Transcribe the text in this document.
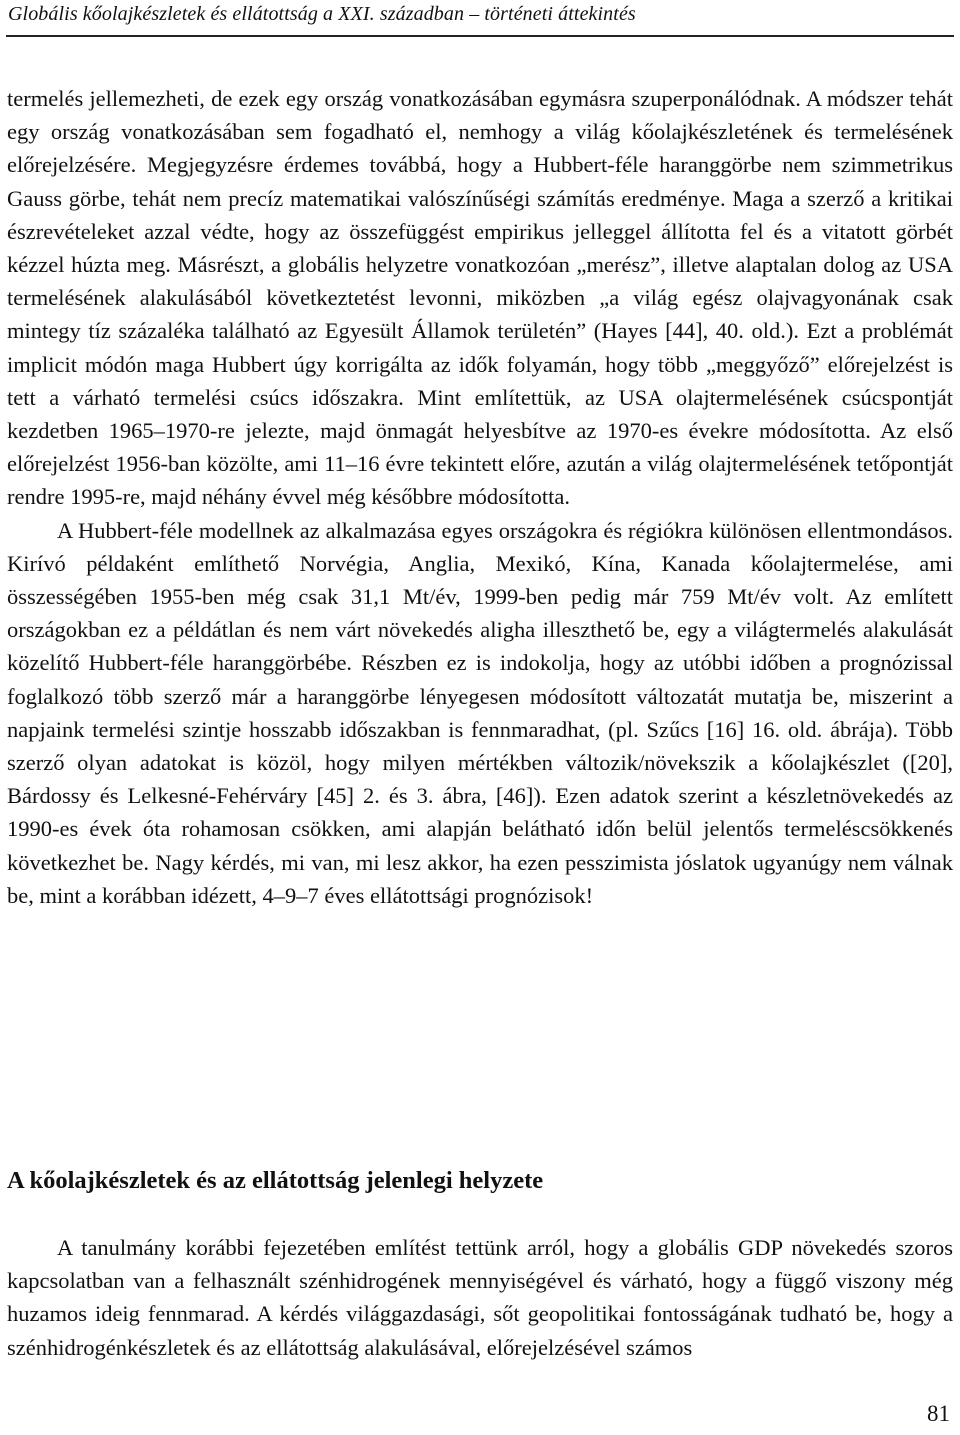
Globális kőolajkészletek és ellátottság a XXI. században – történeti áttekintés

termelés jellemezheti, de ezek egy ország vonatkozásában egymásra szuperponálódnak. A módszer tehát egy ország vonatkozásában sem fogadható el, nemhogy a világ kőolajkészletének és termelésének előrejelzésére. Megjegyzésre érdemes továbbá, hogy a Hubbert-féle haranggörbe nem szimmetrikus Gauss görbe, tehát nem precíz matematikai valószínűségi számítás eredménye. Maga a szerző a kritikai észrevételeket azzal védte, hogy az összefüggést empirikus jelleggel állította fel és a vitatott görbét kézzel húzta meg. Másrészt, a globális helyzetre vonatkozóan „merész”, illetve alaptalan dolog az USA termelésének alakulásából következtetést levonni, miközben „a világ egész olajvagyonának csak mintegy tíz százaléka található az Egyesült Államok területén” (Hayes [44], 40. old.). Ezt a problémát implicit módón maga Hubbert úgy korrigálta az idők folyamán, hogy több „meggyőző” előrejelzést is tett a várható termelési csúcs időszakra. Mint említettük, az USA olajtermelésének csúcspontját kezdetben 1965–1970-re jelezte, majd önmagát helyesbítve az 1970-es évekre módosította. Az első előrejelzést 1956-ban közölte, ami 11–16 évre tekintett előre, azután a világ olajtermelésének tetőpontját rendre 1995-re, majd néhány évvel még későbbre módosította.

A Hubbert-féle modellnek az alkalmazása egyes országokra és régiókra különösen ellentmondásos. Kirívó példaként említhető Norvégia, Anglia, Mexikó, Kína, Kanada kőolajtermelése, ami összességében 1955-ben még csak 31,1 Mt/év, 1999-ben pedig már 759 Mt/év volt. Az említett országokban ez a példátlan és nem várt növekedés aligha illeszthető be, egy a világtermelés alakulását közelítő Hubbert-féle haranggörbébe. Részben ez is indokolja, hogy az utóbbi időben a prognózissal foglalkozó több szerző már a haranggörbe lényegesen módosított változatát mutatja be, miszerint a napjaink termelési szintje hosszabb időszakban is fennmaradhat, (pl. Szűcs [16] 16. old. ábrája). Több szerző olyan adatokat is közöl, hogy milyen mértékben változik/növekszik a kőolajkészlet ([20], Bárdossy és Lelkesné-Fehérváry [45] 2. és 3. ábra, [46]). Ezen adatok szerint a készletnövekedés az 1990-es évek óta rohamosan csökken, ami alapján belátható időn belül jelentős termeléscsökkenés következhet be. Nagy kérdés, mi van, mi lesz akkor, ha ezen pesszimista jóslatok ugyanúgy nem válnak be, mint a korábban idézett, 4–9–7 éves ellátottsági prognózisok!

A kőolajkészletek és az ellátottság jelenlegi helyzete

A tanulmány korábbi fejezetében említést tettünk arról, hogy a globális GDP növekedés szoros kapcsolatban van a felhasznált szénhidrogének mennyiségével és várható, hogy a függő viszony még huzamos ideig fennmarad. A kérdés világgazdasági, sőt geopolitikai fontosságának tudható be, hogy a szénhidrogénkészletek és az ellátottság alakulásával, előrejelzésével számos

81
